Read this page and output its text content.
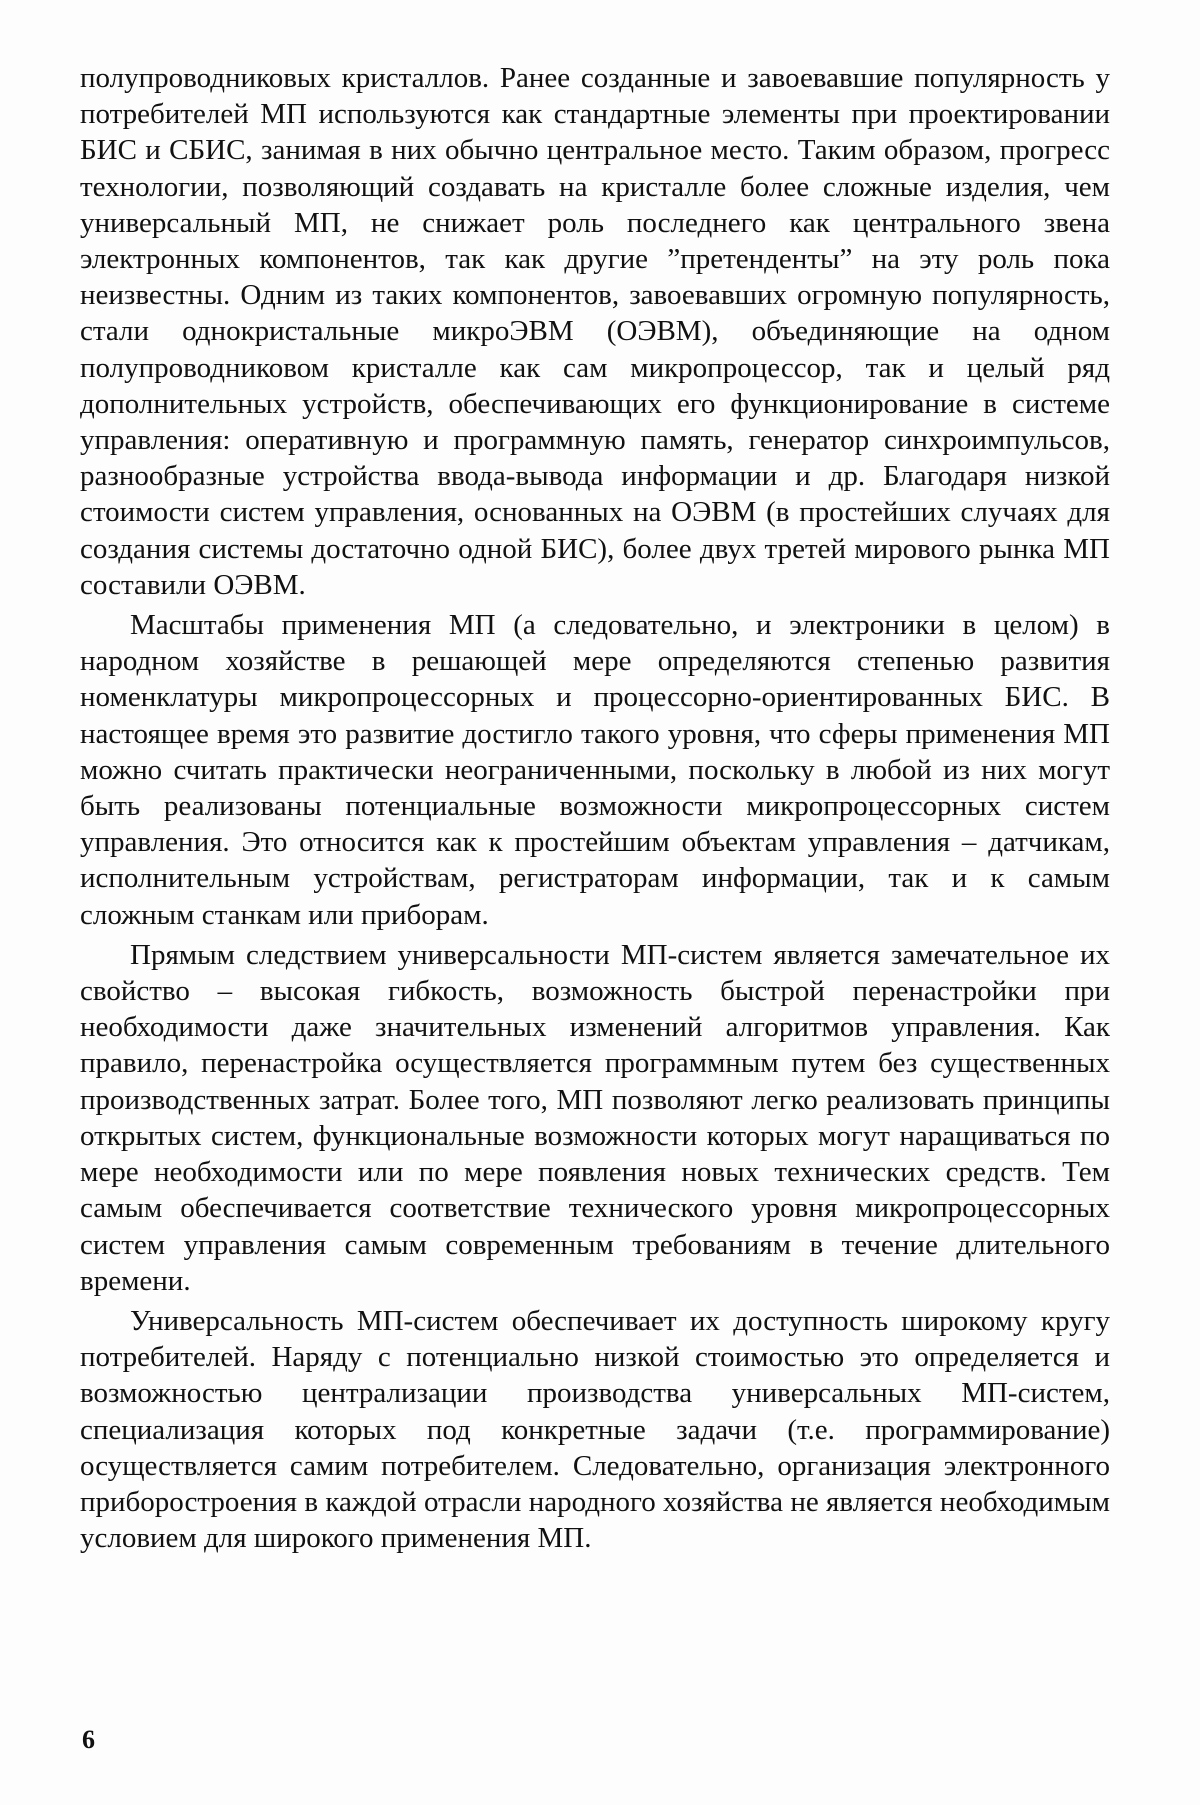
полупроводниковых кристаллов. Ранее созданные и завоевавшие популярность у потребителей МП используются как стандартные элементы при проектировании БИС и СБИС, занимая в них обычно центральное место. Таким образом, прогресс технологии, позволяющий создавать на кристалле более сложные изделия, чем универсальный МП, не снижает роль последнего как центрального звена электронных компонентов, так как другие ”претенденты” на эту роль пока неизвестны. Одним из таких компонентов, завоевавших огромную популярность, стали однокристальные микроЭВМ (ОЭВМ), объединяющие на одном полупроводниковом кристалле как сам микропроцессор, так и целый ряд дополнительных устройств, обеспечивающих его функционирование в системе управления: оперативную и программную память, генератор синхроимпульсов, разнообразные устройства ввода-вывода информации и др. Благодаря низкой стоимости систем управления, основанных на ОЭВМ (в простейших случаях для создания системы достаточно одной БИС), более двух третей мирового рынка МП составили ОЭВМ.

Масштабы применения МП (а следовательно, и электроники в целом) в народном хозяйстве в решающей мере определяются степенью развития номенклатуры микропроцессорных и процессорно-ориентированных БИС. В настоящее время это развитие достигло такого уровня, что сферы применения МП можно считать практически неограниченными, поскольку в любой из них могут быть реализованы потенциальные возможности микропроцессорных систем управления. Это относится как к простейшим объектам управления – датчикам, исполнительным устройствам, регистраторам информации, так и к самым сложным станкам или приборам.

Прямым следствием универсальности МП-систем является замечательное их свойство – высокая гибкость, возможность быстрой перенастройки при необходимости даже значительных изменений алгоритмов управления. Как правило, перенастройка осуществляется программным путем без существенных производственных затрат. Более того, МП позволяют легко реализовать принципы открытых систем, функциональные возможности которых могут наращиваться по мере необходимости или по мере появления новых технических средств. Тем самым обеспечивается соответствие технического уровня микропроцессорных систем управления самым современным требованиям в течение длительного времени.

Универсальность МП-систем обеспечивает их доступность широкому кругу потребителей. Наряду с потенциально низкой стоимостью это определяется и возможностью централизации производства универсальных МП-систем, специализация которых под конкретные задачи (т.е. программирование) осуществляется самим потребителем. Следовательно, организация электронного приборостроения в каждой отрасли народного хозяйства не является необходимым условием для широкого применения МП.

6
